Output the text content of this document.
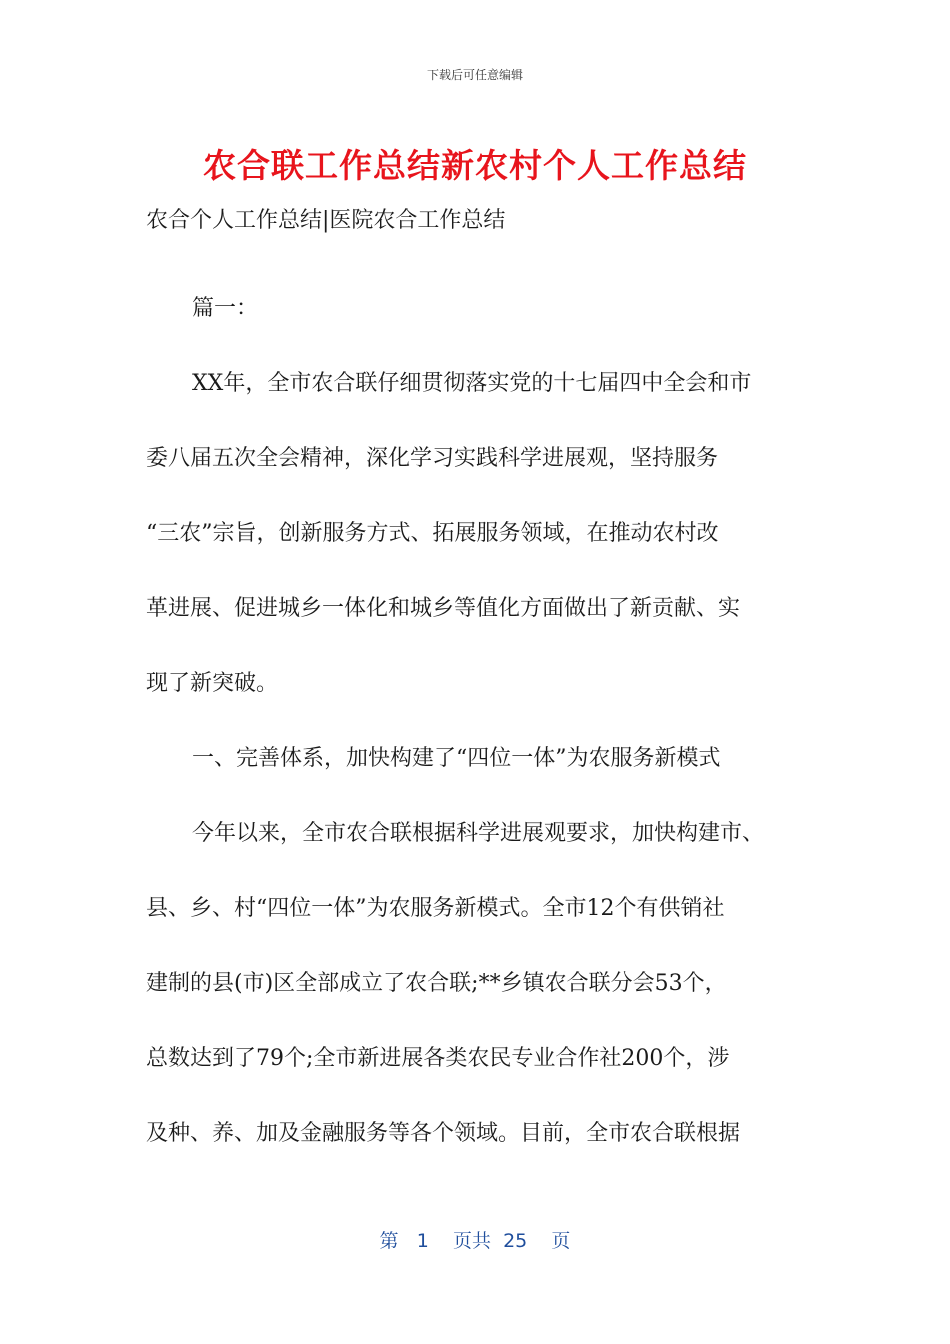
下载后可任意编辑
农合联工作总结新农村个人工作总结

农合个人工作总结|医院农合工作总结

篇一：

XX年，全市农合联仔细贯彻落实党的十七届四中全会和市

委八届五次全会精神，深化学习实践科学进展观，坚持服务

“三农”宗旨，创新服务方式、拓展服务领域，在推动农村改

革进展、促进城乡一体化和城乡等值化方面做出了新贡献、实

现了新突破。

一、完善体系，加快构建了“四位一体”为农服务新模式

今年以来，全市农合联根据科学进展观要求，加快构建市、

县、乡、村“四位一体”为农服务新模式。全市12个有供销社

建制的县(市)区全部成立了农合联;**乡镇农合联分会53个，

总数达到了79个;全市新进展各类农民专业合作社200个，涉

及种、养、加及金融服务等各个领域。目前，全市农合联根据

第 1 页共 25 页
